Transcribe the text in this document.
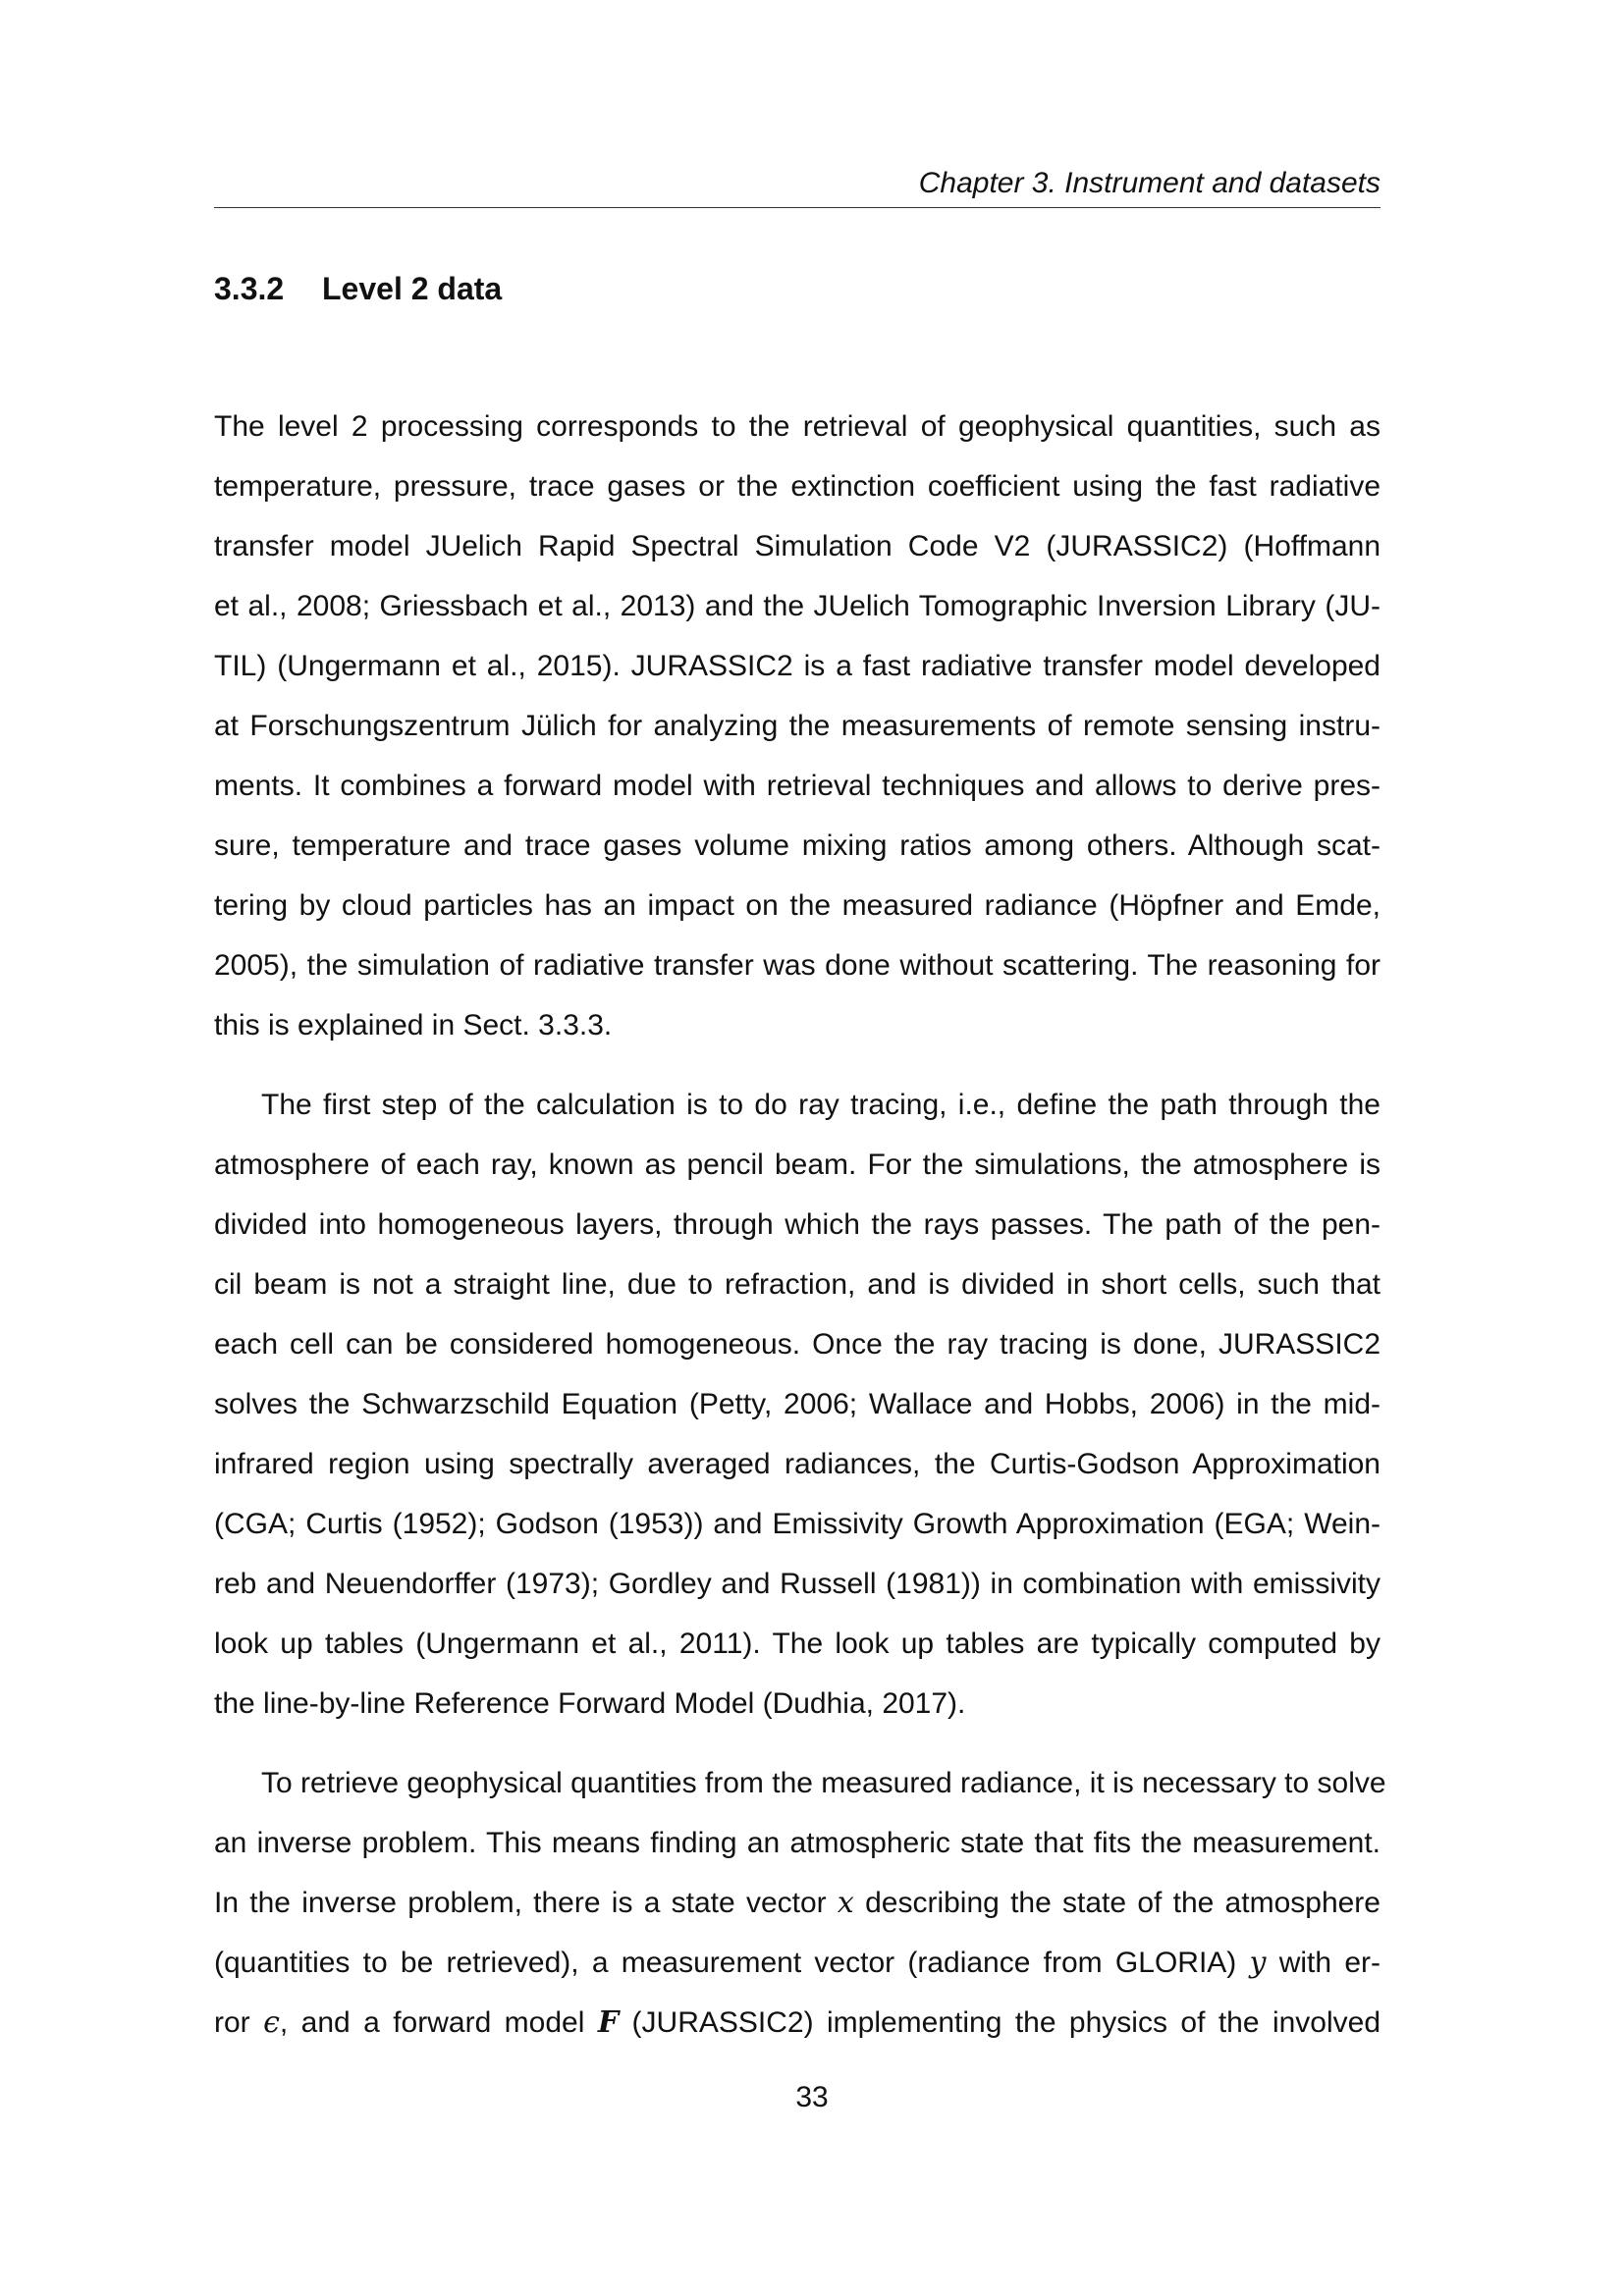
Chapter 3. Instrument and datasets
3.3.2 Level 2 data
The level 2 processing corresponds to the retrieval of geophysical quantities, such as
temperature, pressure, trace gases or the extinction coefficient using the fast radiative
transfer model JUelich Rapid Spectral Simulation Code V2 (JURASSIC2) (Hoffmann
et al., 2008; Griessbach et al., 2013) and the JUelich Tomographic Inversion Library (JU-
TIL) (Ungermann et al., 2015). JURASSIC2 is a fast radiative transfer model developed
at Forschungszentrum Jülich for analyzing the measurements of remote sensing instru-
ments. It combines a forward model with retrieval techniques and allows to derive pres-
sure, temperature and trace gases volume mixing ratios among others. Although scat-
tering by cloud particles has an impact on the measured radiance (Höpfner and Emde,
2005), the simulation of radiative transfer was done without scattering. The reasoning for
this is explained in Sect. 3.3.3.
The first step of the calculation is to do ray tracing, i.e., define the path through the
atmosphere of each ray, known as pencil beam. For the simulations, the atmosphere is
divided into homogeneous layers, through which the rays passes. The path of the pen-
cil beam is not a straight line, due to refraction, and is divided in short cells, such that
each cell can be considered homogeneous. Once the ray tracing is done, JURASSIC2
solves the Schwarzschild Equation (Petty, 2006; Wallace and Hobbs, 2006) in the mid-
infrared region using spectrally averaged radiances, the Curtis-Godson Approximation
(CGA; Curtis (1952); Godson (1953)) and Emissivity Growth Approximation (EGA; Wein-
reb and Neuendorffer (1973); Gordley and Russell (1981)) in combination with emissivity
look up tables (Ungermann et al., 2011). The look up tables are typically computed by
the line-by-line Reference Forward Model (Dudhia, 2017).
To retrieve geophysical quantities from the measured radiance, it is necessary to solve
an inverse problem. This means finding an atmospheric state that fits the measurement.
In the inverse problem, there is a state vector x describing the state of the atmosphere
(quantities to be retrieved), a measurement vector (radiance from GLORIA) y with er-
ror ϵ, and a forward model F (JURASSIC2) implementing the physics of the involved
33
